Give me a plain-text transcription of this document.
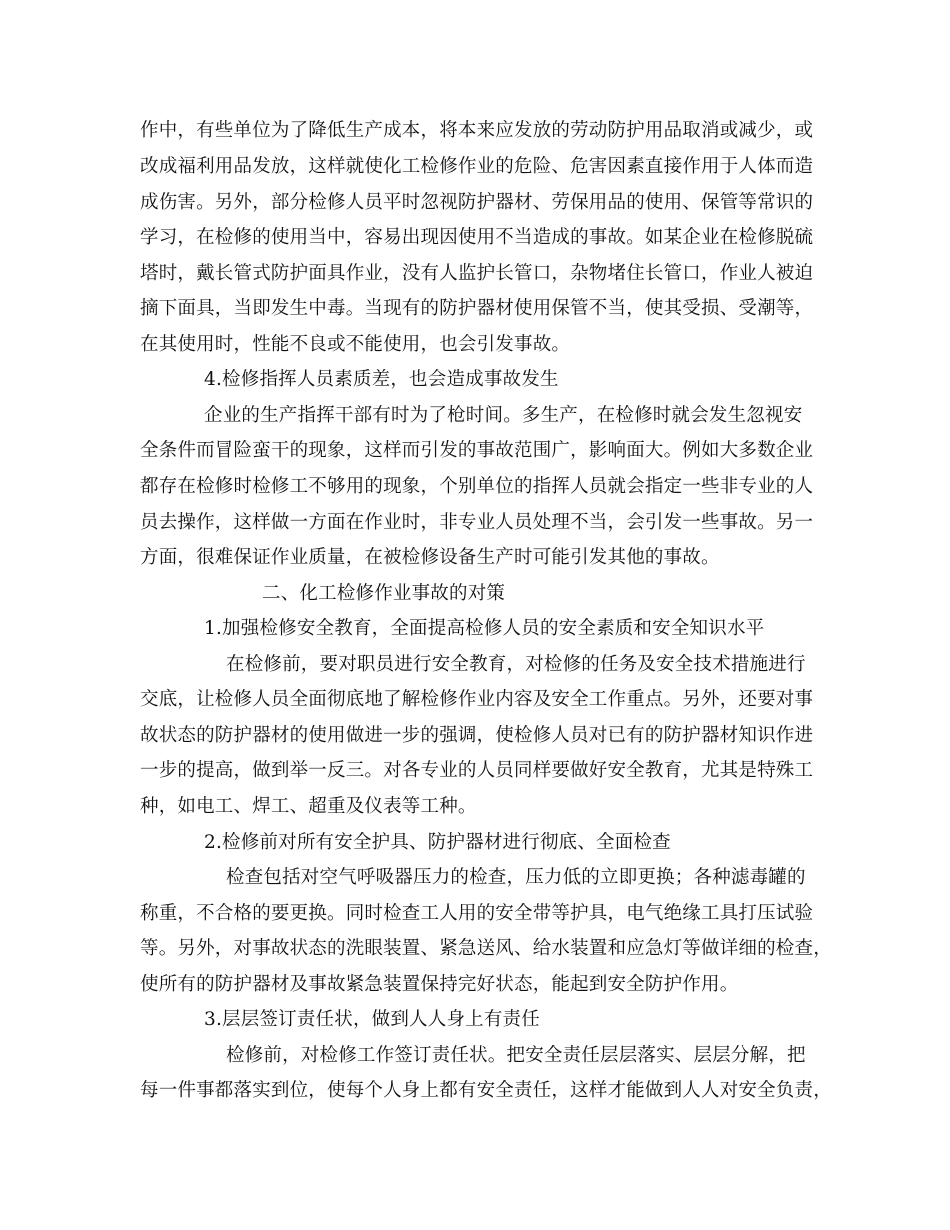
作中，有些单位为了降低生产成本，将本来应发放的劳动防护用品取消或减少，或
改成福利用品发放，这样就使化工检修作业的危险、危害因素直接作用于人体而造
成伤害。另外，部分检修人员平时忽视防护器材、劳保用品的使用、保管等常识的
学习，在检修的使用当中，容易出现因使用不当造成的事故。如某企业在检修脱硫
塔时，戴长管式防护面具作业，没有人监护长管口，杂物堵住长管口，作业人被迫
摘下面具，当即发生中毒。当现有的防护器材使用保管不当，使其受损、受潮等，
在其使用时，性能不良或不能使用，也会引发事故。
4.检修指挥人员素质差，也会造成事故发生
企业的生产指挥干部有时为了枪时间。多生产，在检修时就会发生忽视安
全条件而冒险蛮干的现象，这样而引发的事故范围广，影响面大。例如大多数企业
都存在检修时检修工不够用的现象，个别单位的指挥人员就会指定一些非专业的人
员去操作，这样做一方面在作业时，非专业人员处理不当，会引发一些事故。另一
方面，很难保证作业质量，在被检修设备生产时可能引发其他的事故。
二、化工检修作业事故的对策
1.加强检修安全教育，全面提高检修人员的安全素质和安全知识水平
在检修前，要对职员进行安全教育，对检修的任务及安全技术措施进行
交底，让检修人员全面彻底地了解检修作业内容及安全工作重点。另外，还要对事
故状态的防护器材的使用做进一步的强调，使检修人员对已有的防护器材知识作进
一步的提高，做到举一反三。对各专业的人员同样要做好安全教育，尤其是特殊工
种，如电工、焊工、超重及仪表等工种。
2.检修前对所有安全护具、防护器材进行彻底、全面检查
检查包括对空气呼吸器压力的检查，压力低的立即更换；各种滤毒罐的
称重，不合格的要更换。同时检查工人用的安全带等护具，电气绝缘工具打压试验
等。另外，对事故状态的洗眼装置、紧急送风、给水装置和应急灯等做详细的检查，
使所有的防护器材及事故紧急装置保持完好状态，能起到安全防护作用。
3.层层签订责任状，做到人人身上有责任
检修前，对检修工作签订责任状。把安全责任层层落实、层层分解，把
每一件事都落实到位，使每个人身上都有安全责任，这样才能做到人人对安全负责，
